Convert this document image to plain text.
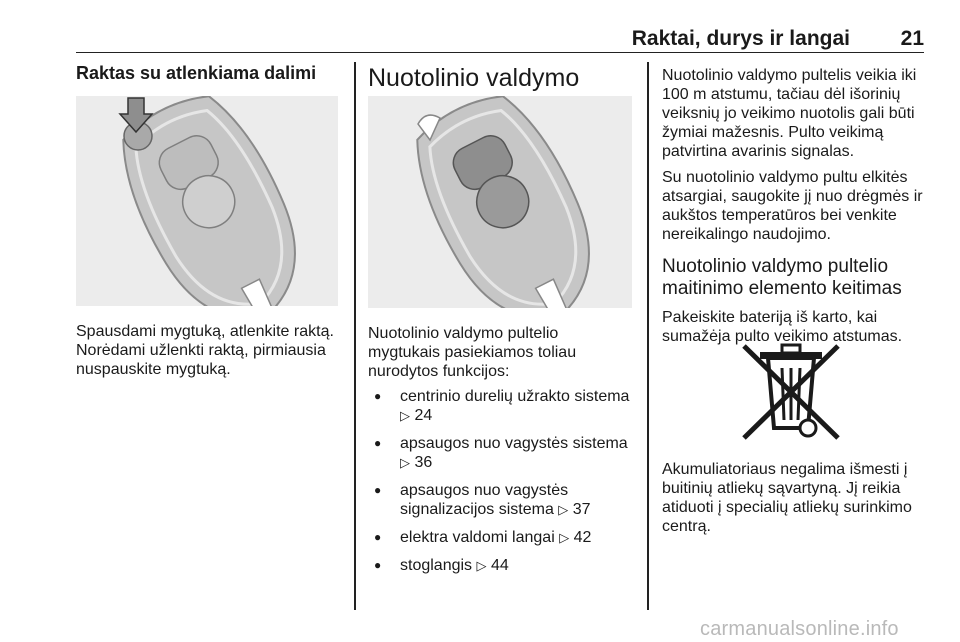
Raktai, durys ir langai 21
Raktas su atlenkiama dalimi

Spausdami mygtuką, atlenkite raktą.
Norėdami užlenkti raktą, pirmiausia
nuspauskite mygtuką.

Nuotolinio valdymo

Nuotolinio valdymo pultelio
mygtukais pasiekiamos toliau
nurodytos funkcijos:

● centrinio durelių užrakto sistema
▷ 24
● apsaugos nuo vagystės sistema
▷ 36
● apsaugos nuo vagystės
signalizacijos sistema ▷ 37
● elektra valdomi langai ▷ 42
● stoglangis ▷ 44

Nuotolinio valdymo pultelis veikia iki
100 m atstumu, tačiau dėl išorinių
veiksnių jo veikimo nuotolis gali būti
žymiai mažesnis. Pulto veikimą
patvirtina avarinis signalas.

Su nuotolinio valdymo pultu elkitės
atsargiai, saugokite jį nuo drėgmės ir
aukštos temperatūros bei venkite
nereikalingo naudojimo.

Nuotolinio valdymo pultelio
maitinimo elemento keitimas

Pakeiskite bateriją iš karto, kai
sumažėja pulto veikimo atstumas.

Akumuliatoriaus negalima išmesti į
buitinių atliekų sąvartyną. Jį reikia
atiduoti į specialių atliekų surinkimo
centrą.

carmanualsonline.info
